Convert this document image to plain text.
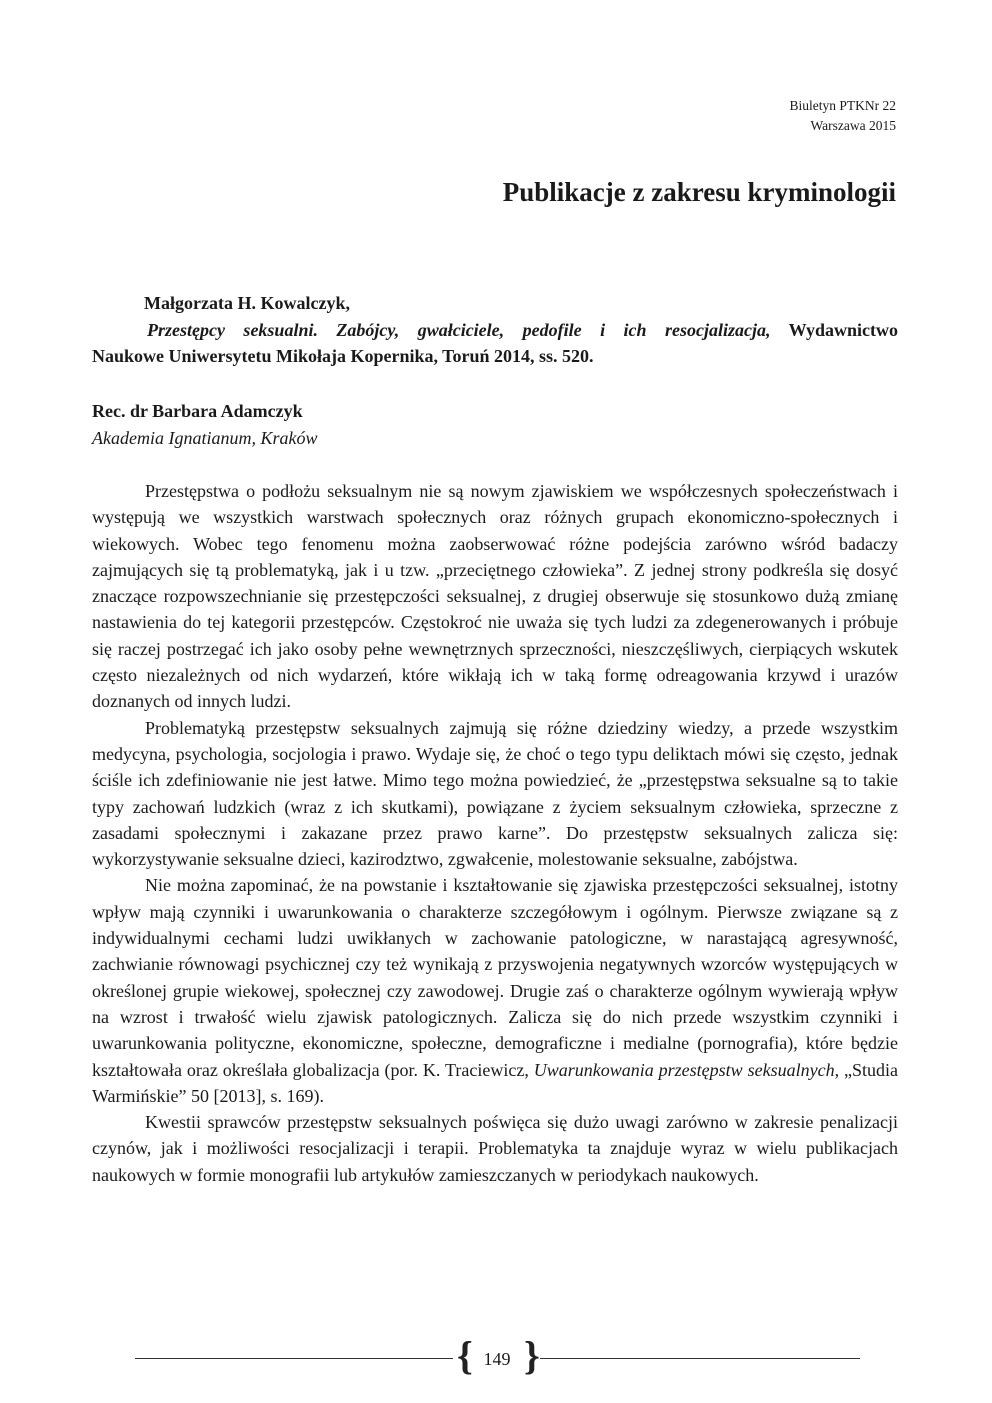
Biuletyn PTKNr 22
Warszawa 2015
Publikacje z zakresu kryminologii
Małgorzata H. Kowalczyk,
Przestępcy seksualni. Zabójcy, gwałciciele, pedofile i ich resocjalizacja, Wydawnictwo
Naukowe Uniwersytetu Mikołaja Kopernika, Toruń 2014, ss. 520.
Rec. dr Barbara Adamczyk
Akademia Ignatianum, Kraków

Przestępstwa o podłożu seksualnym nie są nowym zjawiskiem we współczesnych społeczeństwach i występują we wszystkich warstwach społecznych oraz różnych grupach ekonomiczno-społecznych i wiekowych. Wobec tego fenomenu można zaobserwować różne podejścia zarówno wśród badaczy zajmujących się tą problematyką, jak i u tzw. „przeciętnego człowieka”. Z jednej strony podkreśla się dosyć znaczące rozpowszechnianie się przestępczości seksualnej, z drugiej obserwuje się stosunkowo dużą zmianę nastawienia do tej kategorii przestępców. Częstokroć nie uważa się tych ludzi za zdegenerowanych i próbuje się raczej postrzegać ich jako osoby pełne wewnętrznych sprzeczności, nieszczęśliwych, cierpiących wskutek często niezależnych od nich wydarzeń, które wikłają ich w taką formę odreagowania krzywd i urazów doznanych od innych ludzi.

Problematyką przestępstw seksualnych zajmują się różne dziedziny wiedzy, a przede wszystkim medycyna, psychologia, socjologia i prawo. Wydaje się, że choć o tego typu deliktach mówi się często, jednak ściśle ich zdefiniowanie nie jest łatwe. Mimo tego można powiedzieć, że „przestępstwa seksualne są to takie typy zachowań ludzkich (wraz z ich skutkami), powiązane z życiem seksualnym człowieka, sprzeczne z zasadami społecznymi i zakazane przez prawo karne”. Do przestępstw seksualnych zalicza się: wykorzystywanie seksualne dzieci, kazirodztwo, zgwałcenie, molestowanie seksualne, zabójstwa.

Nie można zapominać, że na powstanie i kształtowanie się zjawiska przestępczości seksualnej, istotny wpływ mają czynniki i uwarunkowania o charakterze szczegółowym i ogólnym. Pierwsze związane są z indywidualnymi cechami ludzi uwikłanych w zachowanie patologiczne, w narastającą agresywność, zachwianie równowagi psychicznej czy też wynikają z przyswojenia negatywnych wzorców występujących w określonej grupie wiekowej, społecznej czy zawodowej. Drugie zaś o charakterze ogólnym wywierają wpływ na wzrost i trwałość wielu zjawisk patologicznych. Zalicza się do nich przede wszystkim czynniki i uwarunkowania polityczne, ekonomiczne, społeczne, demograficzne i medialne (pornografia), które będzie kształtowała oraz określała globalizacja (por. K. Traciewicz, Uwarunkowania przestępstw seksualnych, „Studia Warmińskie” 50 [2013], s. 169).

Kwestii sprawców przestępstw seksualnych poświęca się dużo uwagi zarówno w zakresie penalizacji czynów, jak i możliwości resocjalizacji i terapii. Problematyka ta znajduje wyraz w wielu publikacjach naukowych w formie monografii lub artykułów zamieszczanych w periodykach naukowych.

{ 149 }
